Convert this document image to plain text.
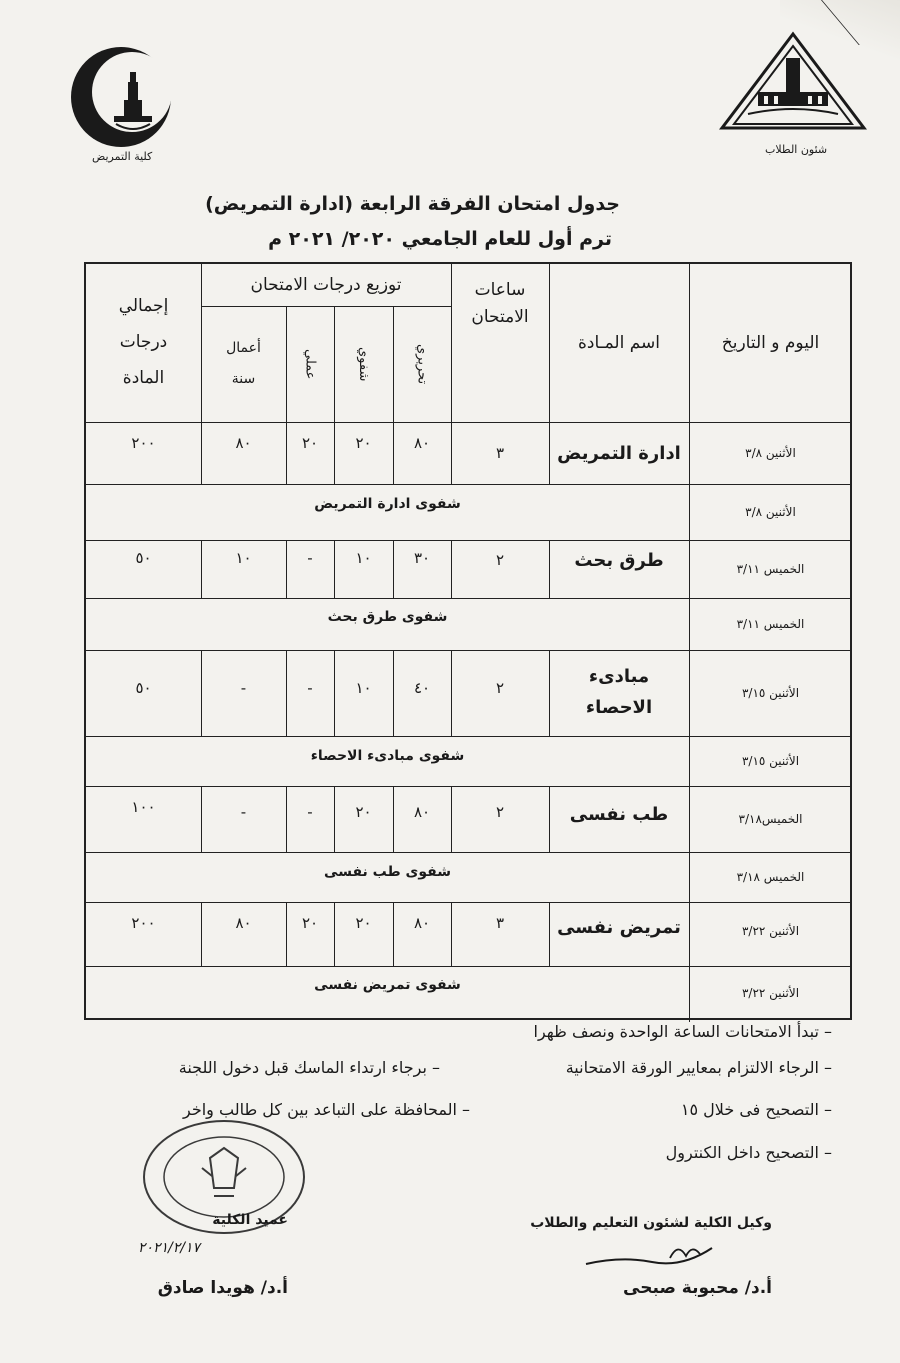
كلية التمريض
شئون الطلاب
جدول امتحان الفرقة الرابعة (ادارة التمريض)
ترم أول للعام الجامعي ٢٠٢٠/ ٢٠٢١ م
اليوم و التاريخ
اسم المـادة
ساعات الامتحان
توزيع درجات الامتحان
تحريري
شفوي
عملي
أعمال سنة
إجمالي درجات المادة
الأثنين ٣/٨
ادارة التمريض
٣
٨٠
٢٠
٢٠
٨٠
٢٠٠
الأثنين ٣/٨
شفوى ادارة التمريض
الخميس ٣/١١
طرق بحث
٢
٣٠
١٠
-
١٠
٥٠
الخميس ٣/١١
شفوى طرق بحث
الأثنين ٣/١٥
مبادىء الاحصاء
٢
٤٠
١٠
-
-
٥٠
الأثنين ٣/١٥
شفوى مبادىء الاحصاء
الخميس٣/١٨
طب نفسى
٢
٨٠
٢٠
-
-
١٠٠
الخميس ٣/١٨
شفوى طب نفسى
الأثنين ٣/٢٢
تمريض نفسى
٣
٨٠
٢٠
٢٠
٨٠
٢٠٠
الأثنين ٣/٢٢
شفوى تمريض نفسى
– تبدأ الامتحانات الساعة الواحدة ونصف ظهرا
– الرجاء الالتزام بمعايير الورقة الامتحانية
– التصحيح فى خلال ١٥
– التصحيح داخل الكنترول
– برجاء ارتداء الماسك قبل دخول اللجنة
– المحافظة على التباعد بين كل طالب واخر
وكيل الكلية لشئون التعليم والطلاب
أ.د/ محبوبة صبحى
عميد الكلية
٢٠٢١/٢/١٧
أ.د/ هويدا صادق
